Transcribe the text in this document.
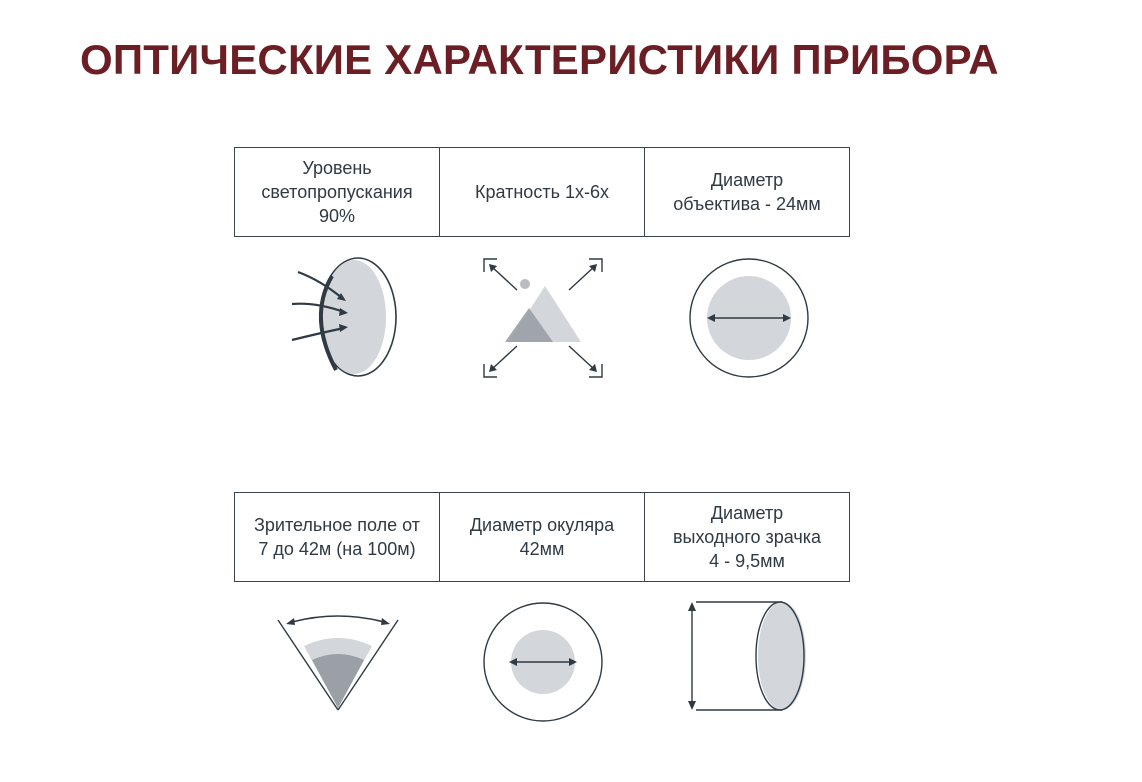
ОПТИЧЕСКИЕ ХАРАКТЕРИСТИКИ ПРИБОРА
Уровень
светопропускания
90%
Кратность 1х-6х
Диаметр
объектива - 24мм
Зрительное поле от
7 до 42м (на 100м)
Диаметр окуляра
42мм
Диаметр
выходного зрачка
4 - 9,5мм
